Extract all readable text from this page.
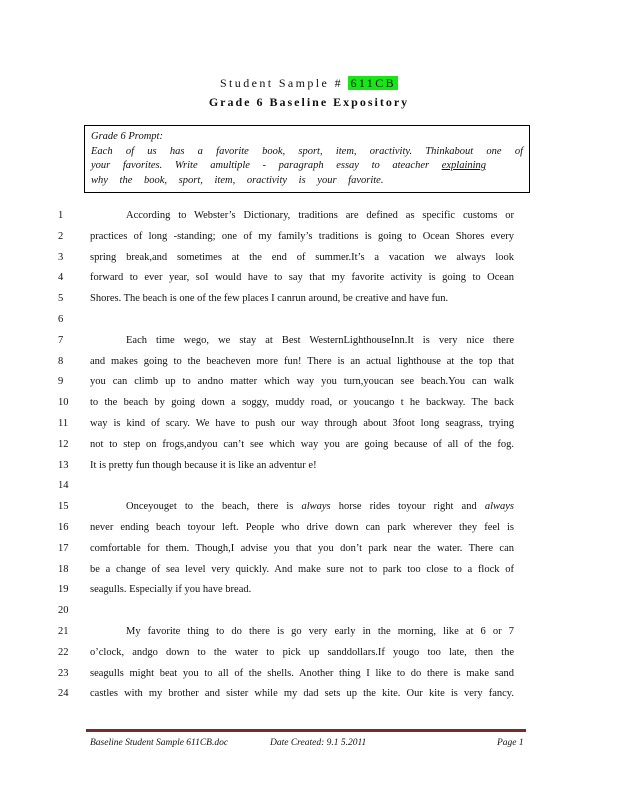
Student Sample # 611CB
Grade 6 Baseline Expository
Grade 6 Prompt:
Each of us has a favorite book, sport, item, oractivity. Thinkabout one of
your favorites. Write amultiple - paragraph essay to ateacher explaining
why the book, sport, item, oractivity is your favorite.
1	According to Webster’s Dictionary, traditions are defined as specific customs or
2	practices of long -standing; one of my family’s traditions is going to Ocean Shores every
3	spring break,and sometimes at the end of summer.It’s a vacation we always look
4	forward to ever year, soI would have to say that my favorite activity is going to Ocean
5	Shores. The beach is one of the few places I canrun around, be creative and have fun.
6
7	Each time wego, we stay at Best WesternLighthouseInn.It is very nice there
8	and makes going to the beacheven more fun! There is an actual lighthouse at the top that
9	you can climb up to andno matter which way you turn,youcan see beach.You can walk
10	to the beach by going down a soggy, muddy road, or youcango t he backway. The back
11	way is kind of scary. We have to push our way through about 3foot long seagrass, trying
12	not to step on frogs,andyou can’t see which way you are going because of all of the fog.
13	It is pretty fun though because it is like an adventur e!
14
15	Onceyouget to the beach, there is always horse rides toyour right and always
16	never ending beach toyour left. People who drive down can park wherever they feel is
17	comfortable for them. Though,I advise you that you don’t park near the water. There can
18	be a change of sea level very quickly. And make sure not to park too close to a flock of
19	seagulls. Especially if you have bread.
20
21	My favorite thing to do there is go very early in the morning, like at 6 or 7
22	o’clock, andgo down to the water to pick up sanddollars.If yougo too late, then the
23	seagulls might beat you to all of the shells. Another thing I like to do there is make sand
24	castles with my brother and sister while my dad sets up the kite. Our kite is very fancy.
Baseline Student Sample 611CB.doc	Date Created: 9.1 5.2011	Page 1
